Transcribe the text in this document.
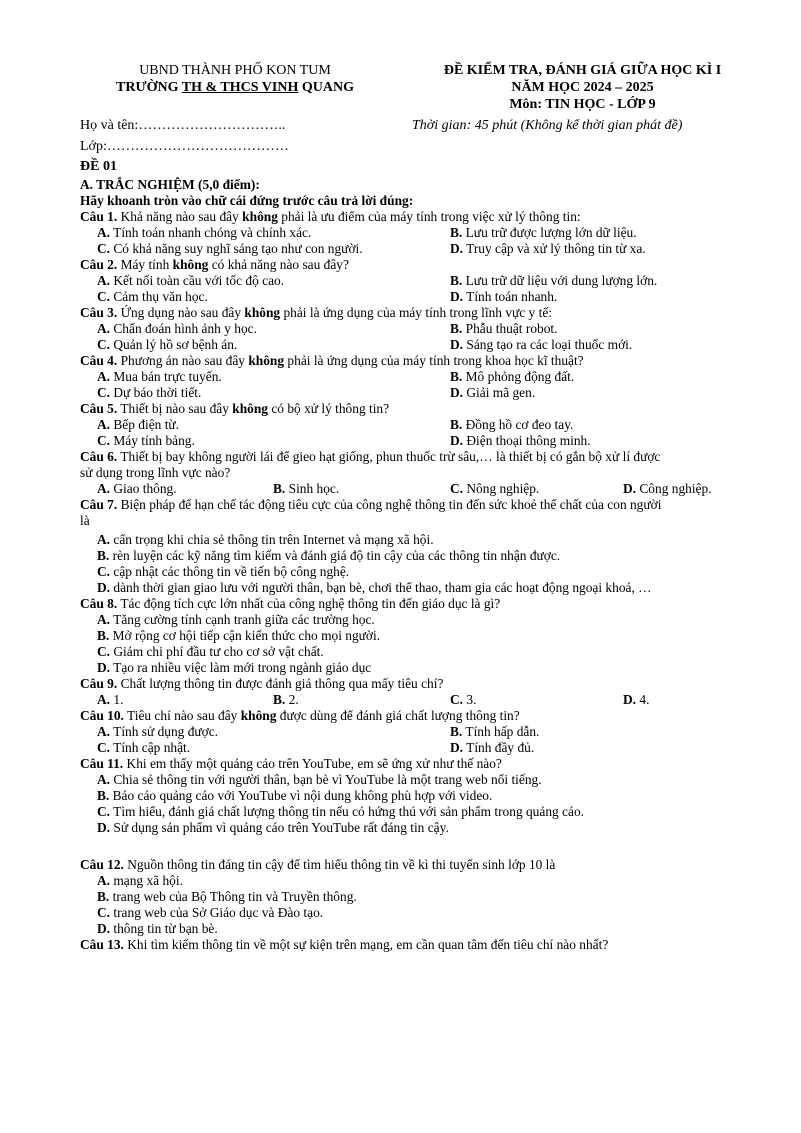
UBND THÀNH PHỐ KON TUM
TRƯỜNG TH & THCS VINH QUANG
ĐỀ KIỂM TRA, ĐÁNH GIÁ GIỮA HỌC KÌ I
NĂM HỌC 2024 – 2025
Môn: TIN HỌC - LỚP 9
Họ và tên:…………………………..	Thời gian: 45 phút (Không kể thời gian phát đề)
Lớp:…………………………………
ĐỀ 01
A. TRẮC NGHIỆM (5,0 điểm):
Hãy khoanh tròn vào chữ cái đứng trước câu trả lời đúng:
Câu 1. Khả năng nào sau đây không phải là ưu điểm của máy tính trong việc xử lý thông tin:
A. Tính toán nhanh chóng và chính xác.	B. Lưu trữ được lượng lớn dữ liệu.
C. Có khả năng suy nghĩ sáng tạo như con người.	D. Truy cập và xử lý thông tin từ xa.
Câu 2. Máy tính không có khả năng nào sau đây?
A. Kết nối toàn cầu với tốc độ cao.	B. Lưu trữ dữ liệu với dung lượng lớn.
C. Cảm thụ văn học.	D. Tính toán nhanh.
Câu 3. Ứng dụng nào sau đây không phải là ứng dụng của máy tính trong lĩnh vực y tế:
A. Chẩn đoán hình ảnh y học.	B. Phẫu thuật robot.
C. Quản lý hồ sơ bệnh án.	D. Sáng tạo ra các loại thuốc mới.
Câu 4. Phương án nào sau đây không phải là ứng dụng của máy tính trong khoa học kĩ thuật?
A. Mua bán trực tuyến.	B. Mô phỏng động đất.
C. Dự báo thời tiết.	D. Giải mã gen.
Câu 5. Thiết bị nào sau đây không có bộ xử lý thông tin?
A. Bếp điện từ.	B. Đồng hồ cơ đeo tay.
C. Máy tính bảng.	D. Điện thoại thông minh.
Câu 6. Thiết bị bay không người lái để gieo hạt giống, phun thuốc trừ sâu,… là thiết bị có gắn bộ xử lí được
sử dụng trong lĩnh vực nào?
A. Giao thông.	B. Sinh học.	C. Nông nghiệp.	D. Công nghiệp.
Câu 7. Biện pháp để hạn chế tác động tiêu cực của công nghệ thông tin đến sức khoẻ thể chất của con người
là
A. cẩn trọng khi chia sẻ thông tin trên Internet và mạng xã hội.
B. rèn luyện các kỹ năng tìm kiếm và đánh giá độ tin cậy của các thông tin nhận được.
C. cập nhật các thông tin về tiến bộ công nghệ.
D. dành thời gian giao lưu với người thân, bạn bè, chơi thể thao, tham gia các hoạt động ngoại khoá, …
Câu 8. Tác động tích cực lớn nhất của công nghệ thông tin đến giáo dục là gì?
A. Tăng cường tính cạnh tranh giữa các trường học.
B. Mở rộng cơ hội tiếp cận kiến thức cho mọi người.
C. Giảm chi phí đầu tư cho cơ sở vật chất.
D. Tạo ra nhiều việc làm mới trong ngành giáo dục
Câu 9. Chất lượng thông tin được đánh giá thông qua mấy tiêu chí?
A. 1.	B. 2.	C. 3.	D. 4.
Câu 10. Tiêu chí nào sau đây không được dùng để đánh giá chất lượng thông tin?
A. Tính sử dụng được.	B. Tính hấp dẫn.
C. Tính cập nhật.	D. Tính đầy đủ.
Câu 11. Khi em thấy một quảng cáo trên YouTube, em sẽ ứng xử như thế nào?
A. Chia sẻ thông tin với người thân, bạn bè vì YouTube là một trang web nổi tiếng.
B. Báo cáo quảng cáo với YouTube vì nội dung không phù hợp với video.
C. Tìm hiểu, đánh giá chất lượng thông tin nếu có hứng thú với sản phẩm trong quảng cáo.
D. Sử dụng sản phẩm vì quảng cáo trên YouTube rất đáng tin cậy.
Câu 12. Nguồn thông tin đáng tin cậy để tìm hiểu thông tin về kì thi tuyển sinh lớp 10 là
A. mạng xã hội.
B. trang web của Bộ Thông tin và Truyền thông.
C. trang web của Sở Giáo dục và Đào tạo.
D. thông tin từ bạn bè.
Câu 13. Khi tìm kiếm thông tin về một sự kiện trên mạng, em cần quan tâm đến tiêu chí nào nhất?
